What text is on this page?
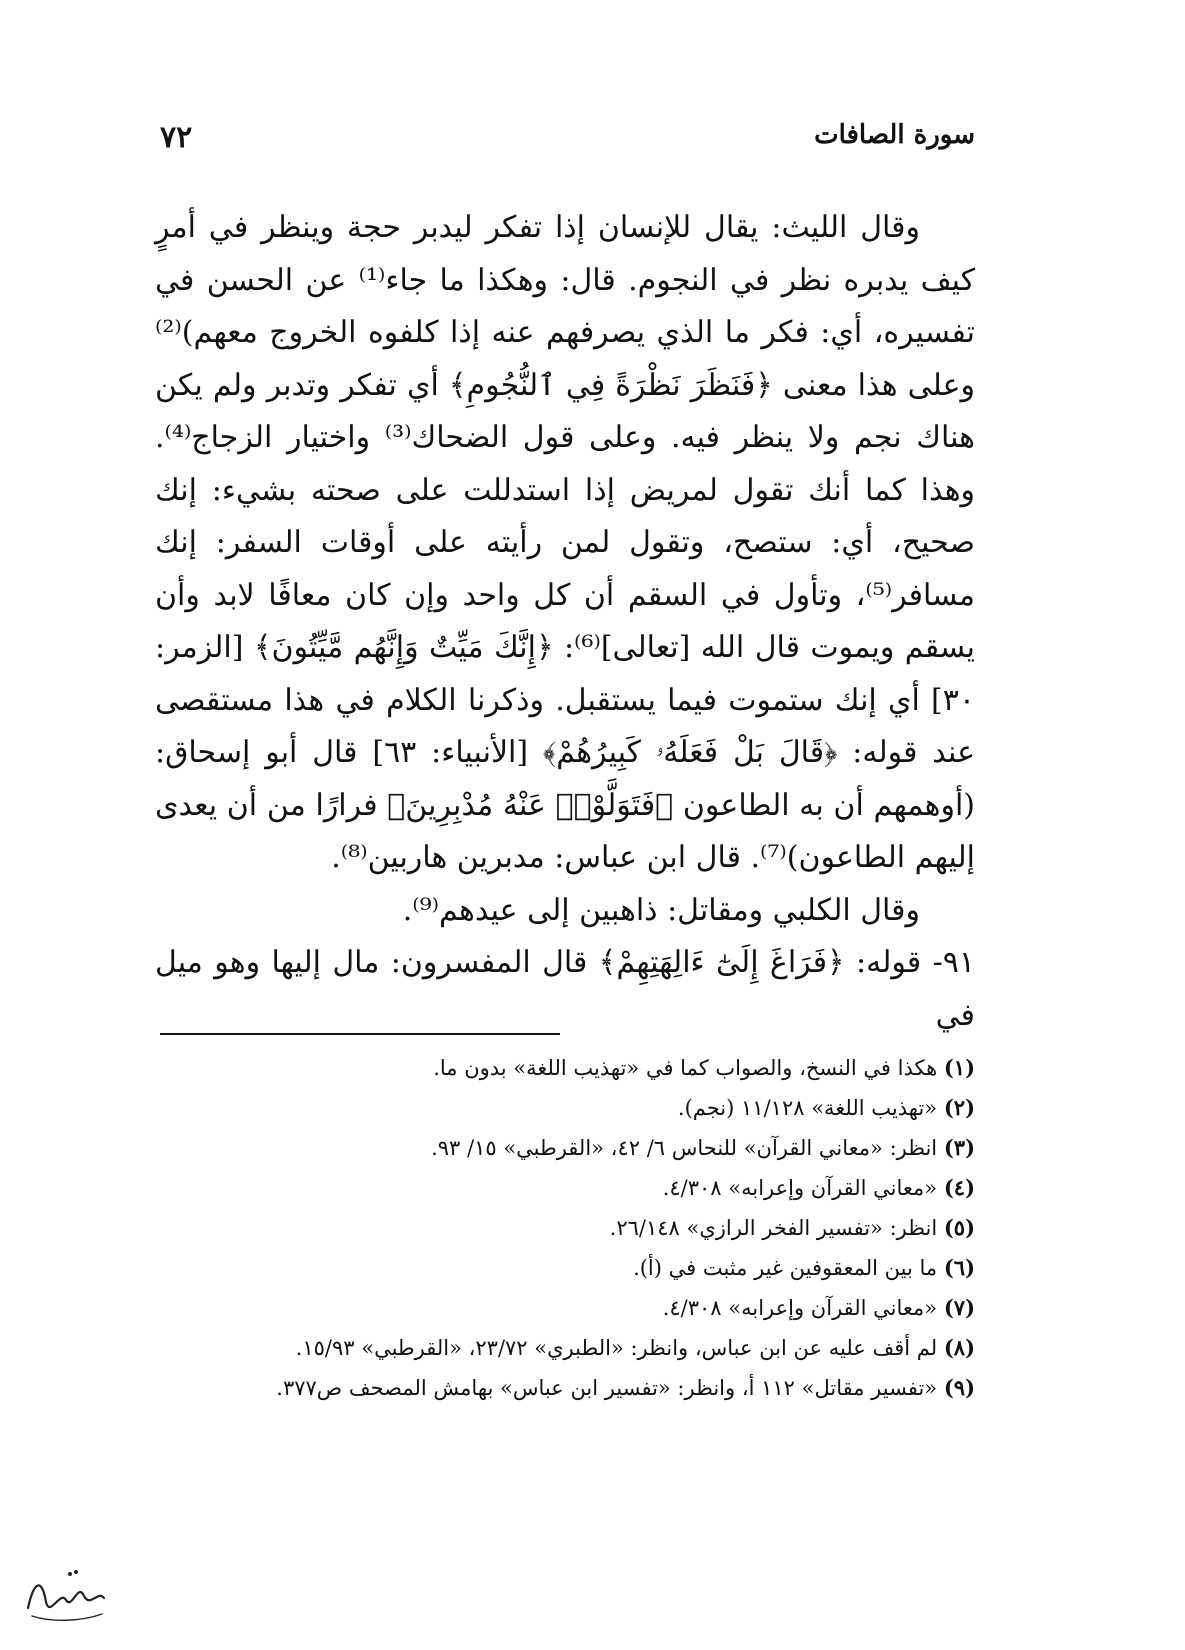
سورة الصافات
٧٢

وقال الليث: يقال للإنسان إذا تفكر ليدبر حجة وينظر في أمرٍ كيف يدبره نظر في النجوم. قال: وهكذا ما جاء⁽¹⁾ عن الحسن في تفسيره، أي: فكر ما الذي يصرفهم عنه إذا كلفوه الخروج معهم)⁽²⁾ وعلى هذا معنى ﴿فَنَظَرَ نَظْرَةً فِي ٱلنُّجُومِ﴾ أي تفكر وتدبر ولم يكن هناك نجم ولا ينظر فيه. وعلى قول الضحاك⁽³⁾ واختيار الزجاج⁽⁴⁾. وهذا كما أنك تقول لمريض إذا استدللت على صحته بشيء: إنك صحيح، أي: ستصح، وتقول لمن رأيته على أوقات السفر: إنك مسافر⁽⁵⁾، وتأول في السقم أن كل واحد وإن كان معافًا لابد وأن يسقم ويموت قال الله [تعالى]⁽⁶⁾: ﴿إِنَّكَ مَيِّتٌ وَإِنَّهُم مَّيِّتُونَ﴾ [الزمر: ٣٠] أي إنك ستموت فيما يستقبل. وذكرنا الكلام في هذا مستقصى عند قوله: ﴿قَالَ بَلْ فَعَلَهُۥ كَبِيرُهُمْ﴾ [الأنبياء: ٦٣] قال أبو إسحاق: (أوهمهم أن به الطاعون ﴿فَتَوَلَّوْا۟ عَنْهُ مُدْبِرِينَ﴾ فرارًا من أن يعدى إليهم الطاعون)⁽⁷⁾. قال ابن عباس: مدبرين هاربين⁽⁸⁾.

وقال الكلبي ومقاتل: ذاهبين إلى عيدهم⁽⁹⁾.

٩١- قوله: ﴿فَرَاغَ إِلَىٰٓ ءَالِهَتِهِمْ﴾ قال المفسرون: مال إليها وهو ميل في

(١) هكذا في النسخ، والصواب كما في «تهذيب اللغة» بدون ما.
(٢) «تهذيب اللغة» ١١/١٢٨ (نجم).
(٣) انظر: «معاني القرآن» للنحاس ٦/ ٤٢، «القرطبي» ١٥/ ٩٣.
(٤) «معاني القرآن وإعرابه» ٤/٣٠٨.
(٥) انظر: «تفسير الفخر الرازي» ٢٦/١٤٨.
(٦) ما بين المعقوفين غير مثبت في (أ).
(٧) «معاني القرآن وإعرابه» ٤/٣٠٨.
(٨) لم أقف عليه عن ابن عباس، وانظر: «الطبري» ٢٣/٧٢، «القرطبي» ١٥/٩٣.
(٩) «تفسير مقاتل» ١١٢ أ، وانظر: «تفسير ابن عباس» بهامش المصحف ص٣٧٧.
